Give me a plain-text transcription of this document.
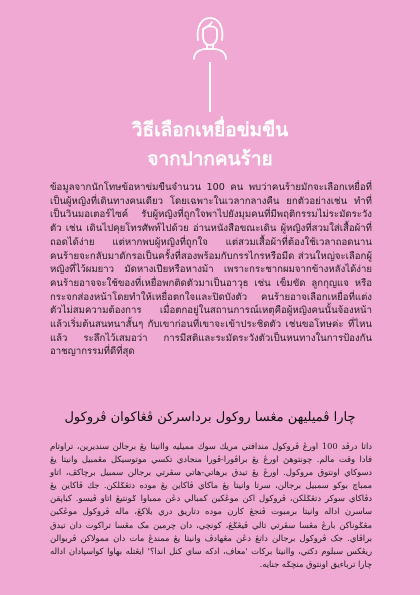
วิธีเลือกเหยื่อข่มขืน
จากปากคนร้าย
ข้อมูลจากนักโทษข้อหาข่มขืนจำนวน 100 คน พบว่าคนร้ายมักจะเลือกเหยื่อที่เป็นผู้หญิงที่เดินทางคนเดียว โดยเฉพาะในเวลากลางคืน ยกตัวอย่างเช่น ทำที่เป็นวินมอเตอร์ไซค์ รับผู้หญิงที่ถูกใจพาไปยังมุมคนที่มีพฤติกรรมไม่ระมัดระวังตัว เช่น เดินไปคุยโทรศัพท์ไปด้วย อ่านหนังสือขณะเดิน ผู้หญิงที่สวมใส่เสื้อผ้าที่ถอดได้ง่าย แต่หากพบผู้หญิงที่ถูกใจ แต่สวมเสื้อผ้าที่ต้องใช้เวลาถอดนาน คนร้ายจะกลับมาดักรอเป็นครั้งที่สองพร้อมกับกรรไกรหรือมีด ส่วนใหญ่จะเลือกผู้หญิงที่ไว้ผมยาว มัดหางเปียหรือหางม้า เพราะกระชากผมจากข้างหลังได้ง่าย คนร้ายอาจจะใช้ของที่เหยื่อพกติดตัวมาเป็นอาวุธ เช่น เข็มขัด ลูกกุญแจ หรือกระจกส่องหน้าโดยทำให้เหยื่อตกใจและปิดบังตัว คนร้ายอาจเลือกเหยื่อที่แต่งตัวไม่สมความต้องการ เมื่อตกอยู่ในสถานการณ์เหตุคือผู้หญิงคนนั้นจ้องหน้าแล้วเริ่มต้นสนทนาสั้นๆ กับเขาก่อนที่เขาจะเข้าประชิดตัว เช่นขอโทษค่ะ ที่ไหนแล้ว ระลึกไว้เสมอว่า การมีสติและระมัดระวังตัวเป็นหนทางในการป้องกันอาชญากรรมที่ดีที่สุด
چارا ڤميليهن مڠسا روكول برداسركن ڤڠاكوان ڤروكول
داتا درڤد 100 اورڠ ڤروكول مندافتي مريك سوك مميليه واانيتا يڠ برجالن سنديرين، تراوتام فادا وقت مالم. چونتوهڽ اورڠ يڠ براڤورا-ڤورا منجادي تكسي موتوسيكل مڠمبيل وانيتا يڠ دسوكاي اونتوق مروكول. اورڠ يڠ تيدق برهاتي-هاتي سڤرتي برجالن سمبيل برچاکڤ، اتاو ممباچ بوكو سمبيل برجالن، سرتا وانيتا يڠ ماكاي ڤاكاين يڠ موده دتڠݢلكن. جك ڤاكاين يڠ دڤاكاي سوكر دتڠݢلكن، ڤروكول اکن موڠکين کمبالي دڠن ممباوا ݢونتيڠ اتاو ڤيسو. کباڽقن ساسرن اداله وانيتا برمبوت ڤنجڠ کارن موده دتاريق دري بلاکڠ، ماله ڤروكول موڠکين مڠݢوناکن بارڠ مڠسا سڤرتي تالي ڤيڠݢڠ، کونچي، دان چرمين مک مڠسا تراکوت دان تيدق براڤاي. جک ڤروكول برجالن داتڠ دڠن مڠهادڤ وانيتا يڠ ممندڠ مات دان ممولاکن ڤربوالن ريڠکس سبلوم دکتي، واانيتا برکات 'معاف، ادکه ساي کنل اندا؟' ايڠتله بهاوا کواسپادان اداله چارا ترباءيق اونتوق منچݢه جنايه.
